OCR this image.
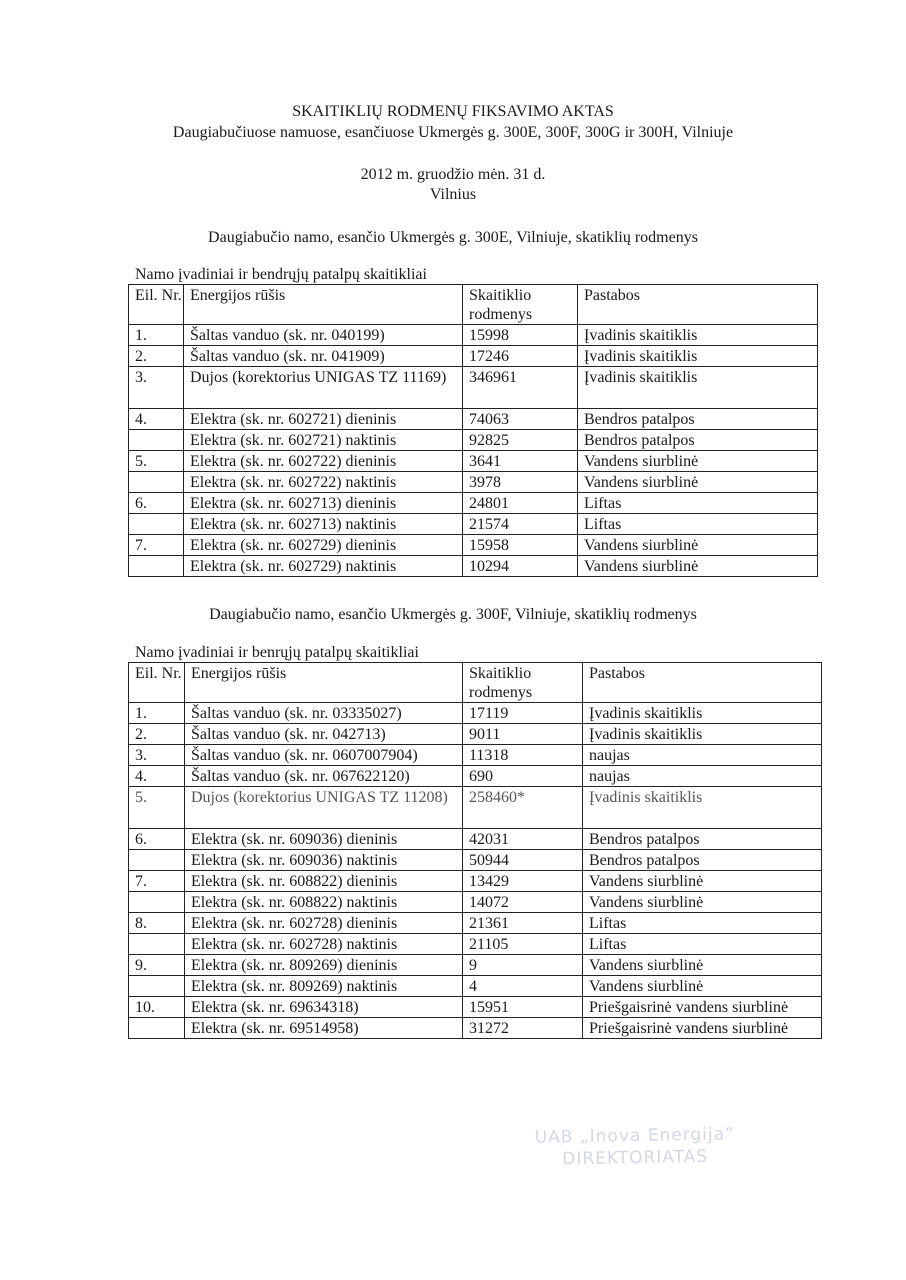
SKAITIKLIŲ RODMENŲ FIKSAVIMO AKTAS
Daugiabučiuose namuose, esančiuose Ukmergės g. 300E, 300F, 300G ir 300H, Vilniuje
2012 m. gruodžio mėn. 31 d.
Vilnius
Daugiabučio namo, esančio Ukmergės g. 300E, Vilniuje, skatiklių rodmenys
Namo įvadiniai ir bendrųjų patalpų skaitikliai
Eil. Nr.	Energijos rūšis	Skaitiklio rodmenys	Pastabos
1.	Šaltas vanduo (sk. nr. 040199)	15998	Įvadinis skaitiklis
2.	Šaltas vanduo (sk. nr. 041909)	17246	Įvadinis skaitiklis
3.	Dujos (korektorius UNIGAS TZ 11169)	346961	Įvadinis skaitiklis
4.	Elektra (sk. nr. 602721) dieninis	74063	Bendros patalpos
	Elektra (sk. nr. 602721) naktinis	92825	Bendros patalpos
5.	Elektra (sk. nr. 602722) dieninis	3641	Vandens siurblinė
	Elektra (sk. nr. 602722) naktinis	3978	Vandens siurblinė
6.	Elektra (sk. nr. 602713) dieninis	24801	Liftas
	Elektra (sk. nr. 602713) naktinis	21574	Liftas
7.	Elektra (sk. nr. 602729) dieninis	15958	Vandens siurblinė
	Elektra (sk. nr. 602729) naktinis	10294	Vandens siurblinė
Daugiabučio namo, esančio Ukmergės g. 300F, Vilniuje, skatiklių rodmenys
Namo įvadiniai ir benrųjų patalpų skaitikliai
Eil. Nr.	Energijos rūšis	Skaitiklio rodmenys	Pastabos
1.	Šaltas vanduo (sk. nr. 03335027)	17119	Įvadinis skaitiklis
2.	Šaltas vanduo (sk. nr. 042713)	9011	Įvadinis skaitiklis
3.	Šaltas vanduo (sk. nr. 0607007904)	11318	naujas
4.	Šaltas vanduo (sk. nr. 067622120)	690	naujas
5.	Dujos (korektorius UNIGAS TZ 11208)	258460*	Įvadinis skaitiklis
6.	Elektra (sk. nr. 609036) dieninis	42031	Bendros patalpos
	Elektra (sk. nr. 609036) naktinis	50944	Bendros patalpos
7.	Elektra (sk. nr. 608822) dieninis	13429	Vandens siurblinė
	Elektra (sk. nr. 608822) naktinis	14072	Vandens siurblinė
8.	Elektra (sk. nr. 602728) dieninis	21361	Liftas
	Elektra (sk. nr. 602728) naktinis	21105	Liftas
9.	Elektra (sk. nr. 809269) dieninis	9	Vandens siurblinė
	Elektra (sk. nr. 809269) naktinis	4	Vandens siurblinė
10.	Elektra (sk. nr. 69634318)	15951	Priešgaisrinė vandens siurblinė
	Elektra (sk. nr. 69514958)	31272	Priešgaisrinė vandens siurblinė
UAB „Inova Energija“
DIREKTORIATAS
